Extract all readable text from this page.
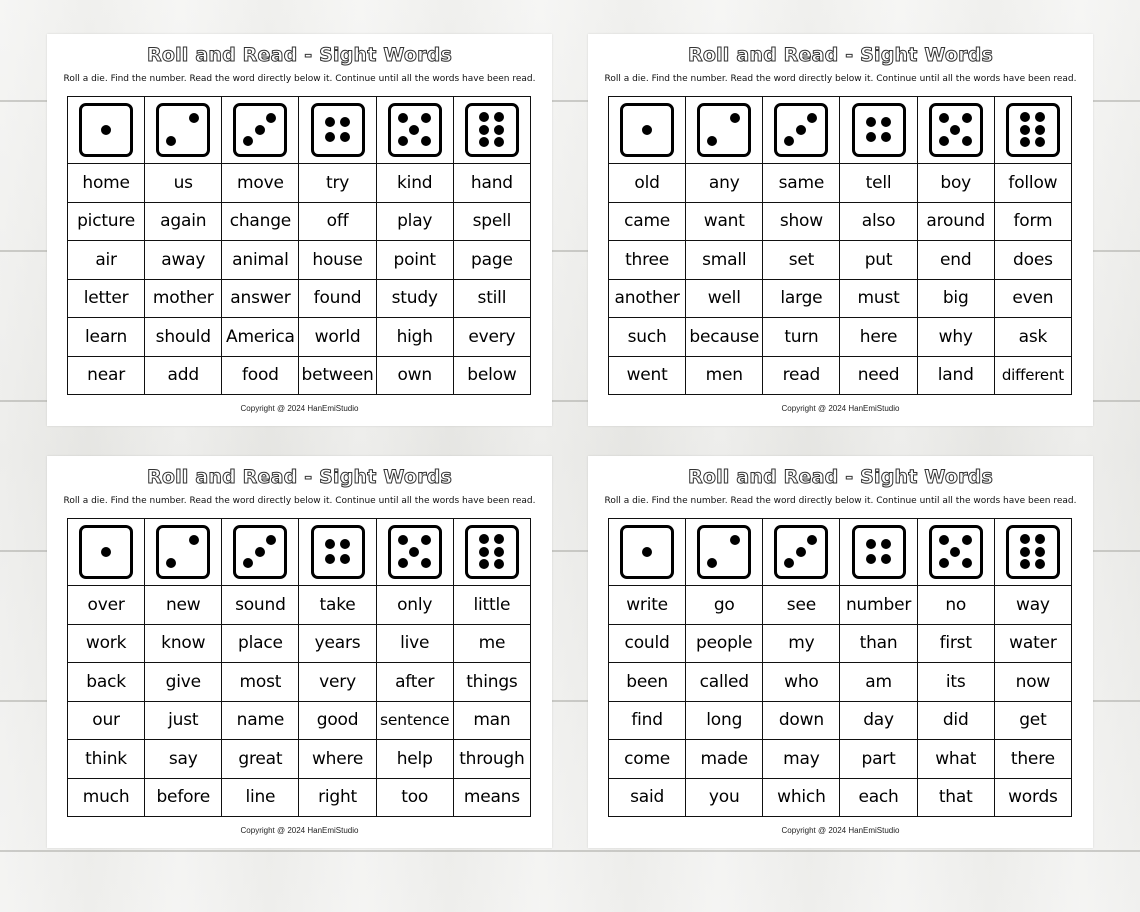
Roll and Read - Sight Words
Roll a die. Find the number. Read the word directly below it. Continue until all the words have been read.

home	us	move	try	kind	hand
picture	again	change	off	play	spell
air	away	animal	house	point	page
letter	mother	answer	found	study	still
learn	should	America	world	high	every
near	add	food	between	own	below
Copyright @ 2024 HanEmiStudio
Roll and Read - Sight Words
Roll a die. Find the number. Read the word directly below it. Continue until all the words have been read.

old	any	same	tell	boy	follow
came	want	show	also	around	form
three	small	set	put	end	does
another	well	large	must	big	even
such	because	turn	here	why	ask
went	men	read	need	land	different
Copyright @ 2024 HanEmiStudio
Roll and Read - Sight Words
Roll a die. Find the number. Read the word directly below it. Continue until all the words have been read.

over	new	sound	take	only	little
work	know	place	years	live	me
back	give	most	very	after	things
our	just	name	good	sentence	man
think	say	great	where	help	through
much	before	line	right	too	means
Copyright @ 2024 HanEmiStudio
Roll and Read - Sight Words
Roll a die. Find the number. Read the word directly below it. Continue until all the words have been read.

write	go	see	number	no	way
could	people	my	than	first	water
been	called	who	am	its	now
find	long	down	day	did	get
come	made	may	part	what	there
said	you	which	each	that	words
Copyright @ 2024 HanEmiStudio
